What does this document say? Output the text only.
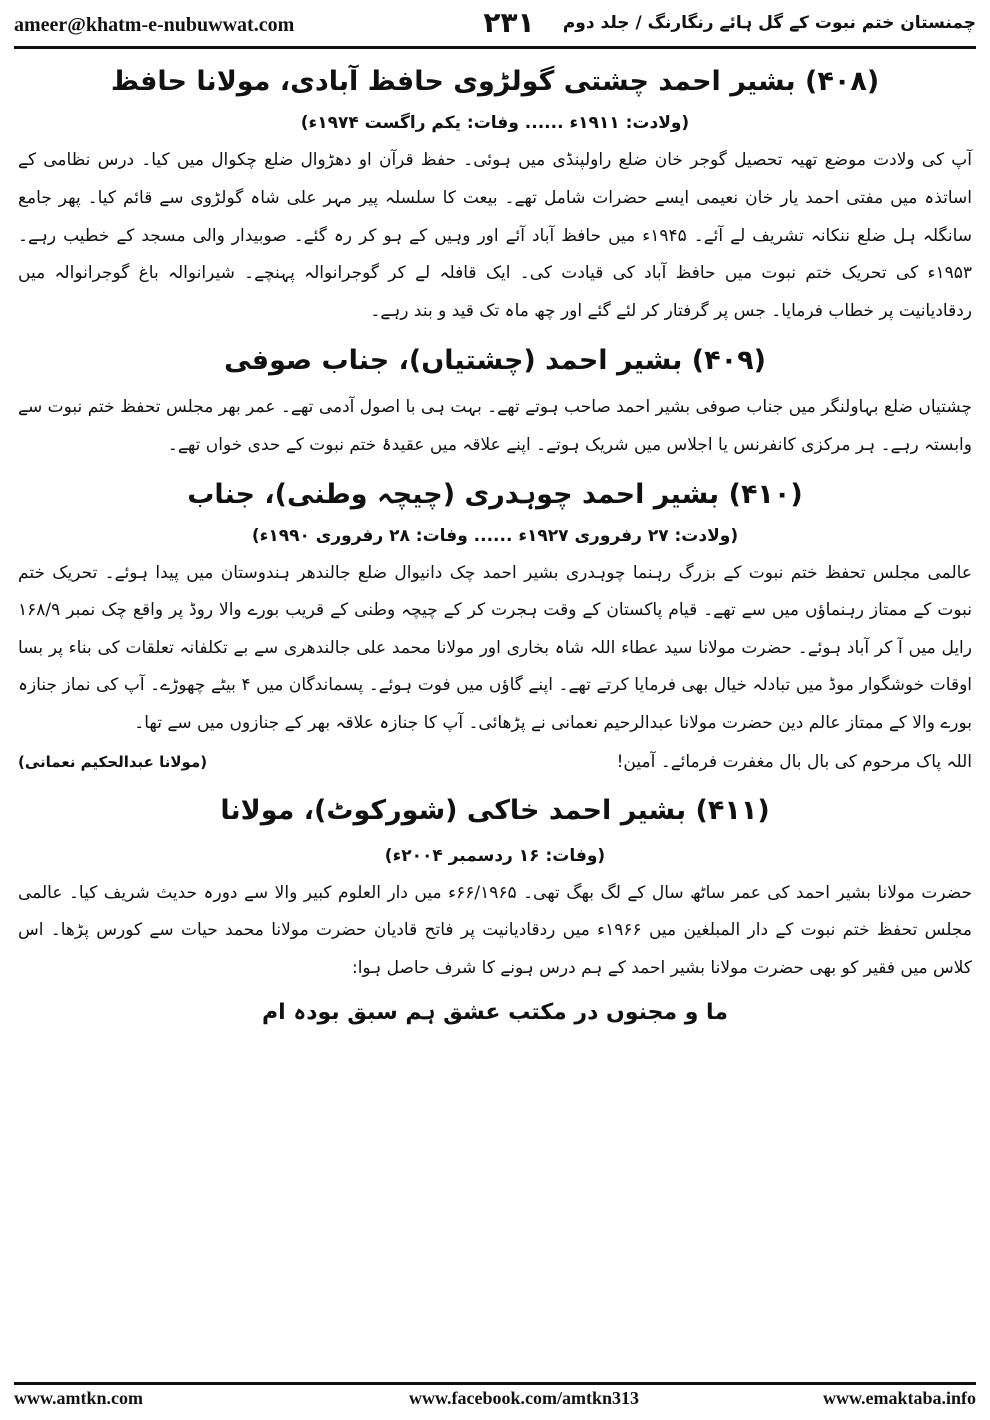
ameer@khatm-e-nubuwwat.com	۲۳۱	چمنستان ختم نبوت کے گل ہائے رنگارنگ / جلد دوم
(۴۰۸) بشیر احمد چشتی گولڑوی حافظ آبادی، مولانا حافظ
(ولادت: ۱۹۱۱ء ...... وفات: یکم راگست ۱۹۷۴ء)

آپ کی ولادت موضع تھیہ تحصیل گوجر خان ضلع راولپنڈی میں ہوئی۔ حفظ قرآن او دھڑوال ضلع چکوال میں کیا۔ درس نظامی کے اساتذہ میں مفتی احمد یار خان نعیمی ایسے حضرات شامل تھے۔ بیعت کا سلسلہ پیر مہر علی شاہ گولڑوی سے قائم کیا۔ پھر جامع سانگلہ ہل ضلع ننکانہ تشریف لے آئے۔ ۱۹۴۵ء میں حافظ آباد آئے اور وہیں کے ہو کر رہ گئے۔ صوبیدار والی مسجد کے خطیب رہے۔ ۱۹۵۳ء کی تحریک ختم نبوت میں حافظ آباد کی قیادت کی۔ ایک قافلہ لے کر گوجرانوالہ پہنچے۔ شیرانوالہ باغ گوجرانوالہ میں ردقادیانیت پر خطاب فرمایا۔ جس پر گرفتار کر لئے گئے اور چھ ماہ تک قید و بند رہے۔

(۴۰۹) بشیر احمد (چشتیاں)، جناب صوفی

چشتیاں ضلع بہاولنگر میں جناب صوفی بشیر احمد صاحب ہوتے تھے۔ بہت ہی با اصول آدمی تھے۔ عمر بھر مجلس تحفظ ختم نبوت سے وابستہ رہے۔ ہر مرکزی کانفرنس یا اجلاس میں شریک ہوتے۔ اپنے علاقہ میں عقیدۂ ختم نبوت کے حدی خواں تھے۔

(۴۱۰) بشیر احمد چوہدری (چیچہ وطنی)، جناب
(ولادت: ۲۷ رفروری ۱۹۲۷ء ...... وفات: ۲۸ رفروری ۱۹۹۰ء)

عالمی مجلس تحفظ ختم نبوت کے بزرگ رہنما چوہدری بشیر احمد چک دانیوال ضلع جالندھر ہندوستان میں پیدا ہوئے۔ تحریک ختم نبوت کے ممتاز رہنماؤں میں سے تھے۔ قیام پاکستان کے وقت ہجرت کر کے چیچہ وطنی کے قریب بورے والا روڈ پر واقع چک نمبر ۱۶۸/۹ رایل میں آ کر آباد ہوئے۔ حضرت مولانا سید عطاء اللہ شاہ بخاری اور مولانا محمد علی جالندھری سے بے تکلفانہ تعلقات کی بناء پر بسا اوقات خوشگوار موڈ میں تبادلہ خیال بھی فرمایا کرتے تھے۔ اپنے گاؤں میں فوت ہوئے۔ پسماندگان میں ۴ بیٹے چھوڑے۔ آپ کی نماز جنازہ بورے والا کے ممتاز عالم دین حضرت مولانا عبدالرحیم نعمانی نے پڑھائی۔ آپ کا جنازہ علاقہ بھر کے جنازوں میں سے تھا۔

اللہ پاک مرحوم کی بال بال مغفرت فرمائے۔ آمین!
(مولانا عبدالحکیم نعمانی)
(۴۱۱) بشیر احمد خاکی (شورکوٹ)، مولانا
(وفات: ۱۶ ردسمبر ۲۰۰۴ء)

حضرت مولانا بشیر احمد کی عمر ساٹھ سال کے لگ بھگ تھی۔ ۶۶/۱۹۶۵ء میں دار العلوم کبیر والا سے دورہ حدیث شریف کیا۔ عالمی مجلس تحفظ ختم نبوت کے دار المبلغین میں ۱۹۶۶ء میں ردقادیانیت پر فاتح قادیان حضرت مولانا محمد حیات سے کورس پڑھا۔ اس کلاس میں فقیر کو بھی حضرت مولانا بشیر احمد کے ہم درس ہونے کا شرف حاصل ہوا:

ما و مجنوں در مکتب عشق ہم سبق بودہ ام
www.amtkn.com	www.facebook.com/amtkn313	www.emaktaba.info
